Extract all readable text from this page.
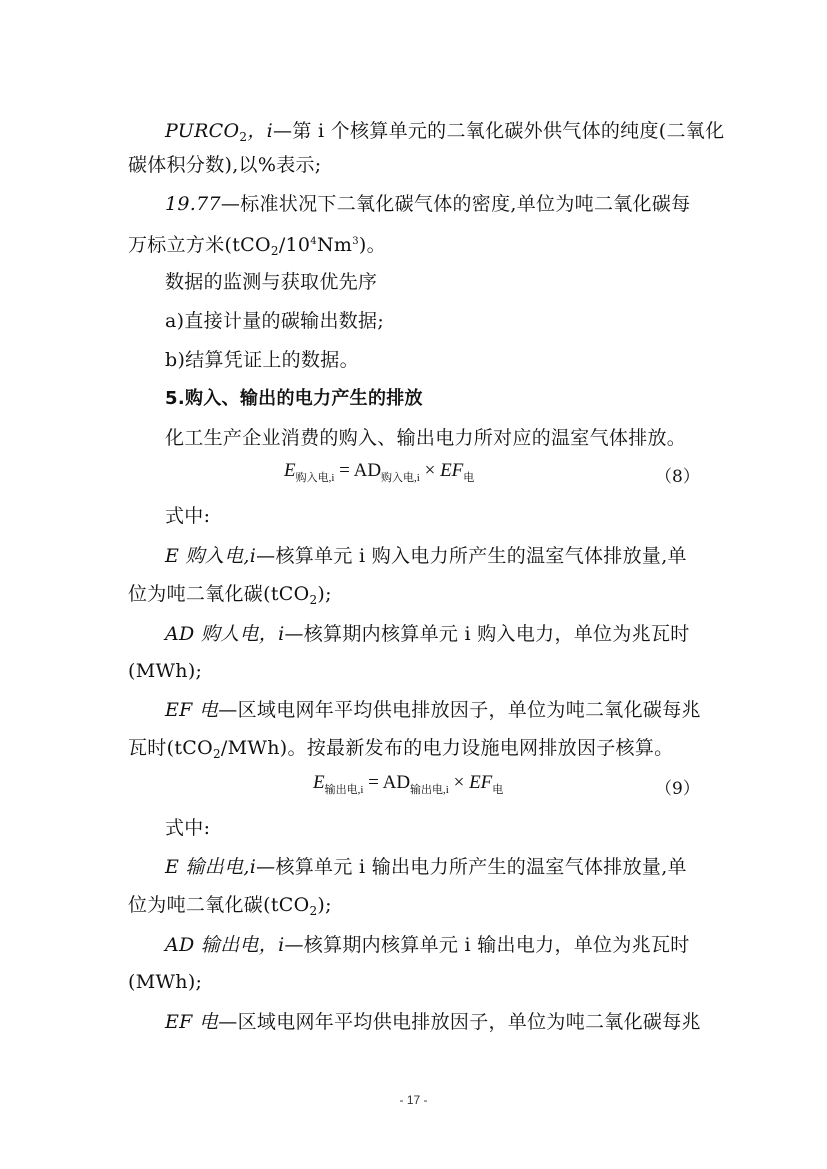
$PURCO_2$，i—第 i 个核算单元的二氧化碳外供气体的纯度(二氧化
碳体积分数),以%表示;
19.77—标准状况下二氧化碳气体的密度,单位为吨二氧化碳每
万标立方米$(tCO_2/10^4Nm^3)$。
数据的监测与获取优先序
a)直接计量的碳输出数据;
b)结算凭证上的数据。
5.购入、输出的电力产生的排放
化工生产企业消费的购入、输出电力所对应的温室气体排放。
$E_{购入电,i} = AD_{购入电,i} \times EF_电$	（8）
式中:
E 购入电,i—核算单元 i 购入电力所产生的温室气体排放量,单
位为吨二氧化碳(tCO$_2$);
AD 购人电，i—核算期内核算单元 i 购入电力，单位为兆瓦时
(MWh);
EF 电—区域电网年平均供电排放因子，单位为吨二氧化碳每兆
瓦时(tCO$_2$/MWh)。按最新发布的电力设施电网排放因子核算。
$E_{输出电,i} = AD_{输出电,i} \times EF_电$	（9）
式中:
E 输出电,i—核算单元 i 输出电力所产生的温室气体排放量,单
位为吨二氧化碳(tCO$_2$);
AD 输出电，i—核算期内核算单元 i 输出电力，单位为兆瓦时
(MWh);
EF 电—区域电网年平均供电排放因子，单位为吨二氧化碳每兆
- 17 -
